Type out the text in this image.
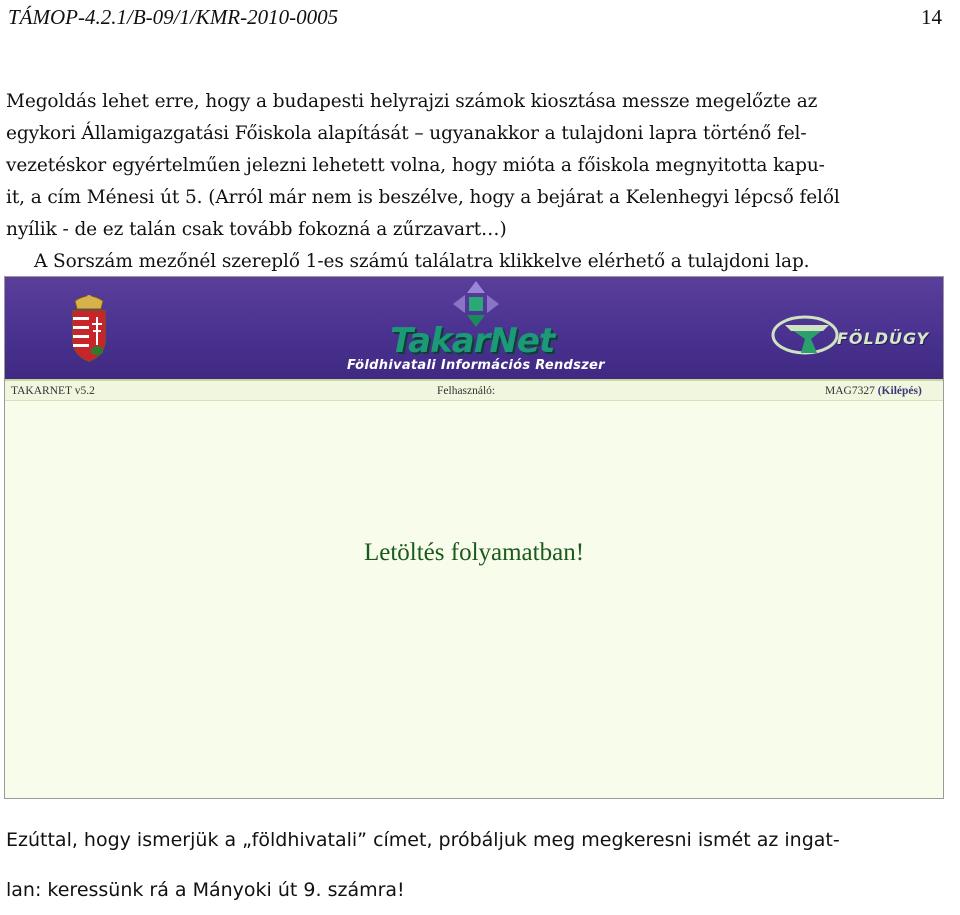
TÁMOP-4.2.1/B-09/1/KMR-2010-0005	14

Megoldás lehet erre, hogy a budapesti helyrajzi számok kiosztása messze megelőzte az

egykori Államigazgatási Főiskola alapítását – ugyanakkor a tulajdoni lapra történő fel-

vezetéskor egyértelműen jelezni lehetett volna, hogy mióta a főiskola megnyitotta kapu-

it, a cím Ménesi út 5. (Arról már nem is beszélve, hogy a bejárat a Kelenhegyi lépcső felől

nyílik - de ez talán csak tovább fokozná a zűrzavart…)

A Sorszám mezőnél szereplő 1-es számú találatra klikkelve elérhető a tulajdoni lap.

TakarNet
Földhivatali Információs Rendszer
FÖLDÜGY
TAKARNET v5.2	Felhasználó:	MAG7327 (Kilépés)
Letöltés folyamatban!

Ezúttal, hogy ismerjük a „földhivatali” címet, próbáljuk meg megkeresni ismét az ingat-

lan: keressünk rá a Mányoki út 9. számra!
